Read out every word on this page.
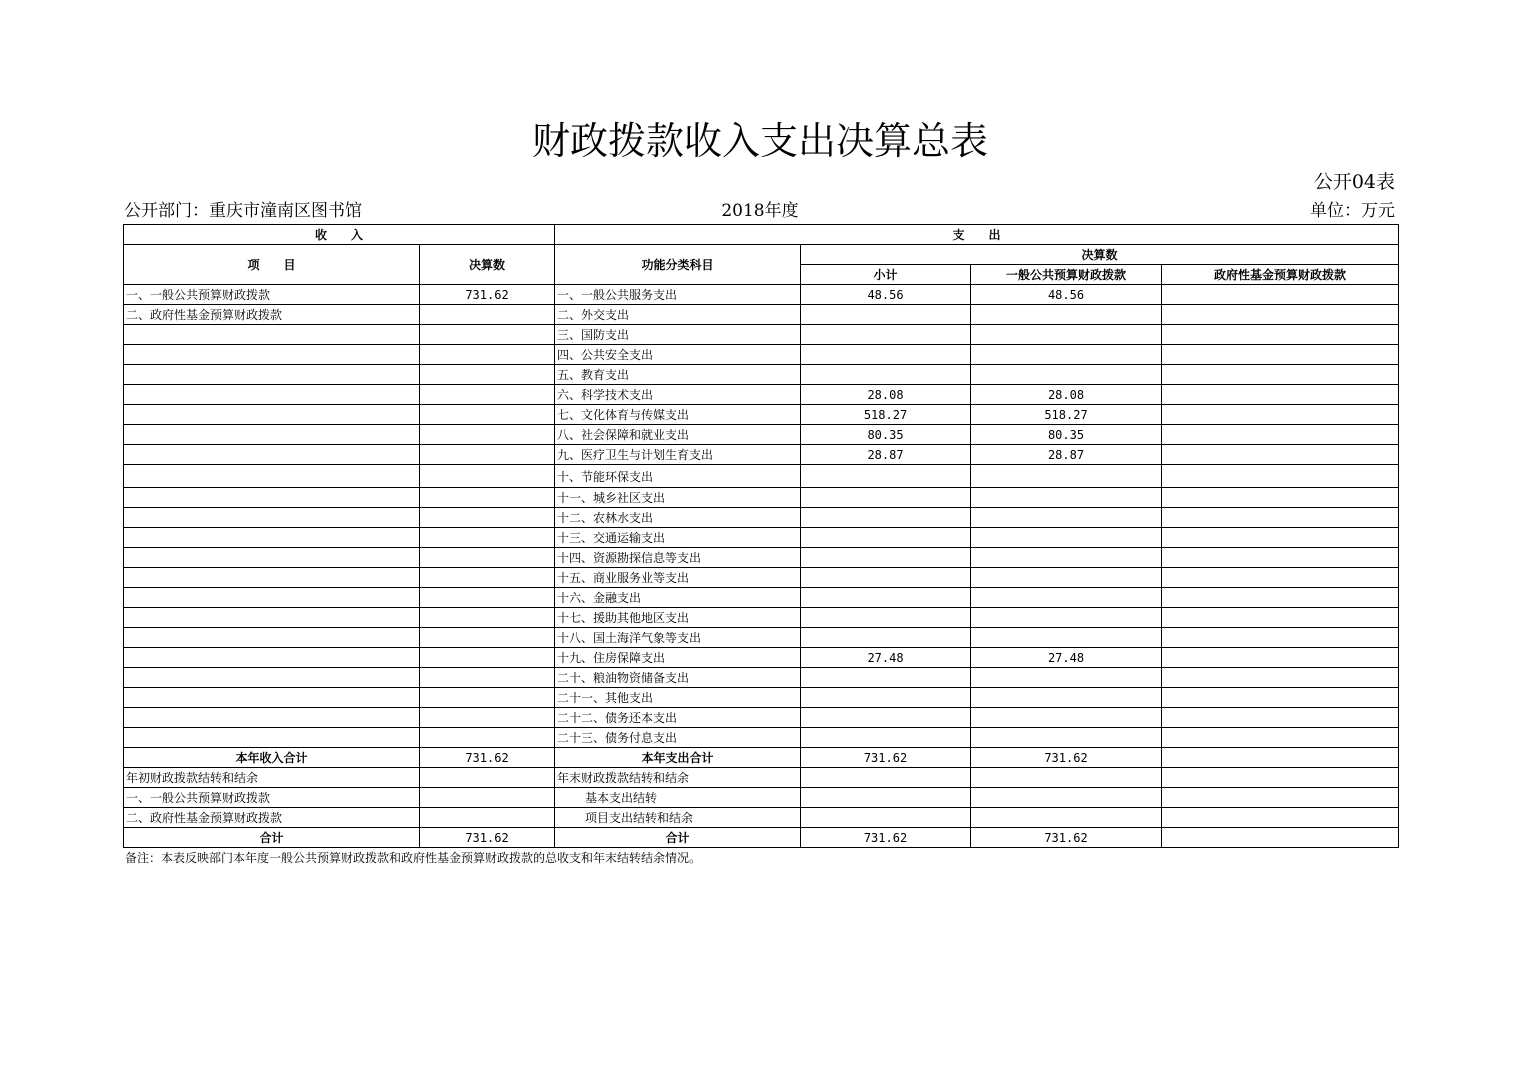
财政拨款收入支出决算总表
公开04表
公开部门：重庆市潼南区图书馆	2018年度	单位：万元
收　　入		支　　出			
项　　目	决算数	功能分类科目	决算数		
			小计	一般公共预算财政拨款	政府性基金预算财政拨款
一、一般公共预算财政拨款	731.62	一、一般公共服务支出	48.56	48.56	
二、政府性基金预算财政拨款		二、外交支出			
		三、国防支出			
		四、公共安全支出			
		五、教育支出			
		六、科学技术支出	28.08	28.08	
		七、文化体育与传媒支出	518.27	518.27	
		八、社会保障和就业支出	80.35	80.35	
		九、医疗卫生与计划生育支出	28.87	28.87	
		十、节能环保支出			
		十一、城乡社区支出			
		十二、农林水支出			
		十三、交通运输支出			
		十四、资源勘探信息等支出			
		十五、商业服务业等支出			
		十六、金融支出			
		十七、援助其他地区支出			
		十八、国土海洋气象等支出			
		十九、住房保障支出	27.48	27.48	
		二十、粮油物资储备支出			
		二十一、其他支出			
		二十二、债务还本支出			
		二十三、债务付息支出			
本年收入合计	731.62	本年支出合计	731.62	731.62	
年初财政拨款结转和结余		年末财政拨款结转和结余			
一、一般公共预算财政拨款		基本支出结转			
二、政府性基金预算财政拨款		项目支出结转和结余			
合计	731.62	合计	731.62	731.62	
备注：本表反映部门本年度一般公共预算财政拨款和政府性基金预算财政拨款的总收支和年末结转结余情况。
